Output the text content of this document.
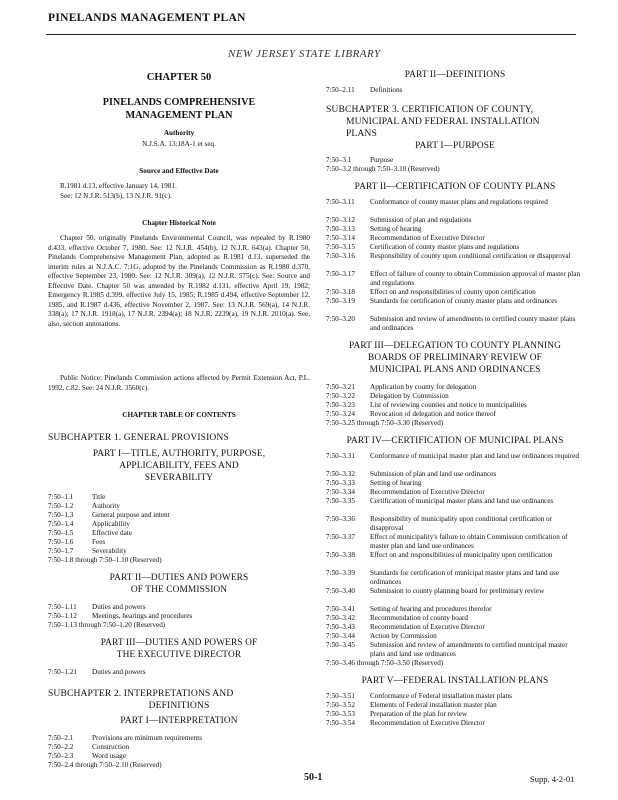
PINELANDS MANAGEMENT PLAN
NEW JERSEY STATE LIBRARY
CHAPTER 50
PINELANDS COMPREHENSIVE
MANAGEMENT PLAN
Authority
N.J.S.A. 13:18A-1 et seq.
Source and Effective Date
R.1981 d.13, effective January 14, 1981.
See: 12 N.J.R. 513(b), 13 N.J.R. 91(c).
Chapter Historical Note
Chapter 50, originally Pinelands Environmental Council, was repealed by R.1980 d.433, effective October 7, 1980. See: 12 N.J.R. 454(b), 12 N.J.R. 643(a). Chapter 50, Pinelands Comprehensive Management Plan, adopted as R.1981 d.13, superseded the interim rules at N.J.A.C. 7:1G, adopted by the Pinelands Commission as R.1980 d.370, effective September 23, 1980. See: 12 N.J.R. 309(a), 12 N.J.R. 575(c). See: Source and Effective Date. Chapter 50 was amended by R.1982 d.131, effective April 19, 1982; Emergency R.1985 d.399, effective July 15, 1985; R.1985 d.494, effective September 12, 1985, and R.1987 d.436, effective November 2, 1987. See: 13 N.J.R. 569(a), 14 N.J.R. 338(a); 17 N.J.R. 1918(a), 17 N.J.R. 2394(a); 18 N.J.R. 2239(a), 19 N.J.R. 2010(a). See, also, section annotations.
Public Notice: Pinelands Commission actions affected by Permit Extension Act, P.L. 1992, c.82. See: 24 N.J.R. 3560(c).
CHAPTER TABLE OF CONTENTS
SUBCHAPTER 1. GENERAL PROVISIONS
PART I—TITLE, AUTHORITY, PURPOSE,
APPLICABILITY, FEES AND
SEVERABILITY
7:50–1.1	Title
7:50–1.2	Authority
7:50–1.3	General purpose and intent
7:50–1.4	Applicability
7:50–1.5	Effective date
7:50–1.6	Fees
7:50–1.7	Severability
7:50–1.8 through 7:50–1.10 (Reserved)
PART II—DUTIES AND POWERS
OF THE COMMISSION
7:50–1.11 Duties and powers
7:50–1.12 Meetings, hearings and procedures
7:50–1.13 through 7:50–1.20 (Reserved)
PART III—DUTIES AND POWERS OF
THE EXECUTIVE DIRECTOR
7:50–1.21 Duties and powers
SUBCHAPTER 2. INTERPRETATIONS AND
DEFINITIONS
PART I—INTERPRETATION
7:50–2.1	Provisions are minimum requirements
7:50–2.2	Construction
7:50–2.3	Word usage
7:50–2.4 through 7:50–2.10 (Reserved)
PART II—DEFINITIONS
7:50–2.11 Definitions
SUBCHAPTER 3. CERTIFICATION OF COUNTY,
MUNICIPAL AND FEDERAL INSTALLATION
PLANS
PART I—PURPOSE
7:50–3.1	Purpose
7:50–3.2 through 7:50–3.10 (Reserved)
PART II—CERTIFICATION OF COUNTY PLANS
7:50–3.11 Conformance of county master plans and regulations required
7:50–3.12 Submission of plan and regulations
7:50–3.13 Setting of hearing
7:50–3.14 Recommendation of Executive Director
7:50–3.15 Certification of county master plans and regulations
7:50–3.16 Responsibility of county upon conditional certification or disapproval
7:50–3.17 Effect of failure of county to obtain Commission approval of master plan and regulations
7:50–3.18 Effect on and responsibilities of county upon certification
7:50–3.19 Standards for certification of county master plans and ordinances
7:50–3.20 Submission and review of amendments to certified county master plans and ordinances
PART III—DELEGATION TO COUNTY PLANNING
BOARDS OF PRELIMINARY REVIEW OF
MUNICIPAL PLANS AND ORDINANCES
7:50–3.21 Application by county for delegation
7:50–3.22 Delegation by Commission
7:50–3.23 List of reviewing counties and notice to municipalities
7:50–3.24 Revocation of delegation and notice thereof
7:50–3.25 through 7:50–3.30 (Reserved)
PART IV—CERTIFICATION OF MUNICIPAL PLANS
7:50–3.31 Conformance of municipal master plan and land use ordinances required
7:50–3.32 Submission of plan and land use ordinances
7:50–3.33 Setting of hearing
7:50–3.34 Recommendation of Executive Director
7:50–3.35 Certification of municipal master plans and land use ordinances
7:50–3.36 Responsibility of municipality upon conditional certification or disapproval
7:50–3.37 Effect of municipality's failure to obtain Commission certification of master plan and land use ordinances
7:50–3.38 Effect on and responsibilities of municipality upon certification
7:50–3.39 Standards for certification of municipal master plans and land use ordinances
7:50–3.40 Submission to county planning board for preliminary review
7:50–3.41 Setting of hearing and procedures therefor
7:50–3.42 Recommendation of county board
7:50–3.43 Recommendation of Executive Director
7:50–3.44 Action by Commission
7:50–3.45 Submission and review of amendments to certified municipal master plans and land use ordinances
7:50–3.46 through 7:50–3.50 (Reserved)
PART V—FEDERAL INSTALLATION PLANS
7:50–3.51 Conformance of Federal installation master plans
7:50–3.52 Elements of Federal installation master plan
7:50–3.53 Preparation of the plan for review
7:50–3.54 Recommendation of Executive Director
50-1	Supp. 4-2-01
